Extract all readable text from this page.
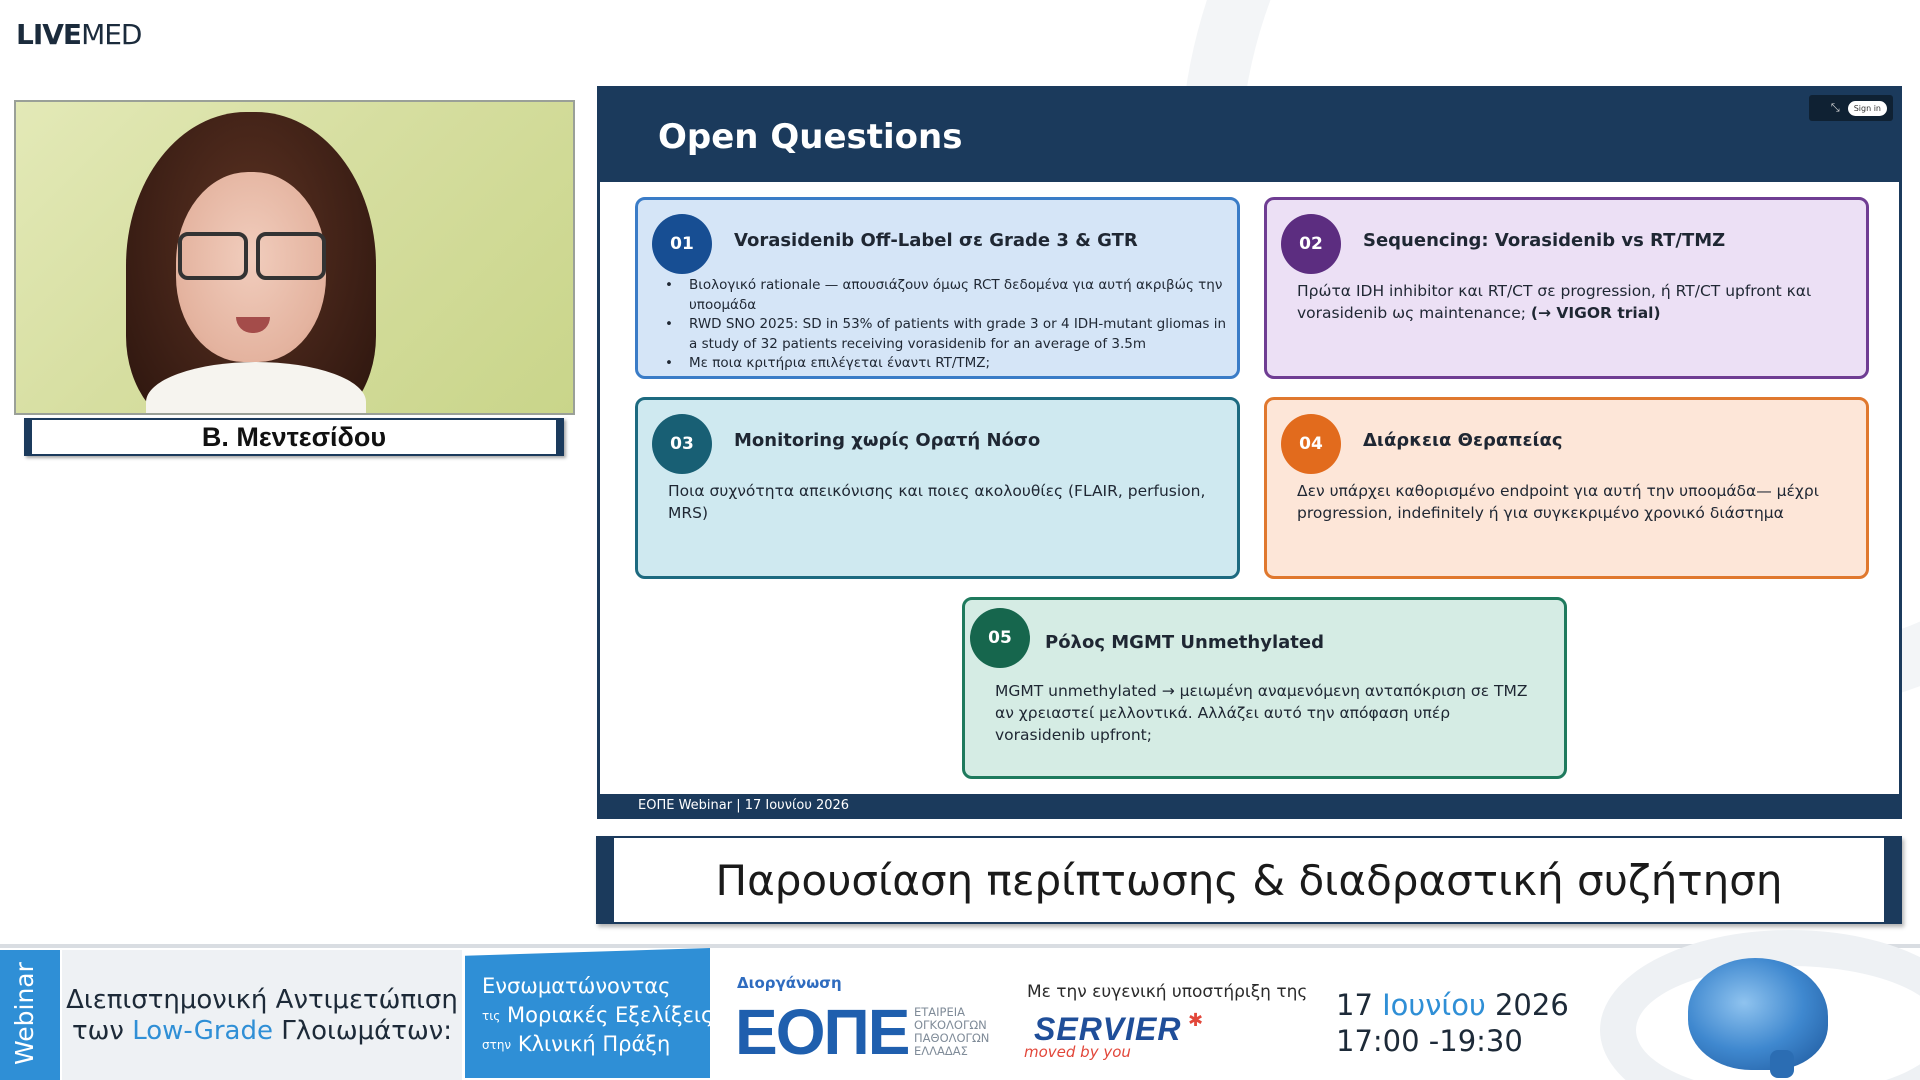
LIVEMED
Β. Μεντεσίδου
Open Questions
⤡	Sign in
01	Vorasidenib Off-Label σε Grade 3 & GTR
• Βιολογικό rationale — απουσιάζουν όμως RCT δεδομένα για αυτή ακριβώς την υποομάδα
• RWD SNO 2025: SD in 53% of patients with grade 3 or 4 IDH-mutant gliomas in a study of 32 patients receiving vorasidenib for an average of 3.5m
• Με ποια κριτήρια επιλέγεται έναντι RT/TMZ;
02	Sequencing: Vorasidenib vs RT/TMZ
Πρώτα IDH inhibitor και RT/CT σε progression, ή RT/CT upfront και vorasidenib ως maintenance; (→ VIGOR trial)
03	Monitoring χωρίς Ορατή Νόσο
Ποια συχνότητα απεικόνισης και ποιες ακολουθίες (FLAIR, perfusion, MRS)
04	Διάρκεια Θεραπείας
Δεν υπάρχει καθορισμένο endpoint για αυτή την υποομάδα— μέχρι progression, indefinitely ή για συγκεκριμένο χρονικό διάστημα
05	Ρόλος MGMT Unmethylated
MGMT unmethylated → μειωμένη αναμενόμενη ανταπόκριση σε TMZ αν χρειαστεί μελλοντικά. Αλλάζει αυτό την απόφαση υπέρ vorasidenib upfront;
ΕΟΠΕ Webinar | 17 Ιουνίου 2026
Παρουσίαση περίπτωσης & διαδραστική συζήτηση
Webinar Διεπιστημονική Αντιμετώπιση
των Low-Grade Γλοιωμάτων:
Ενσωματώνοντας
τις Μοριακές Εξελίξεις
στην Κλινική Πράξη
Διοργάνωση
ΕΟΠΕ ΕΤΑΙΡΕΙΑ
ΟΓΚΟΛΟΓΩΝ
ΠΑΘΟΛΟΓΩΝ
ΕΛΛΑΔΑΣ
Με την ευγενική υποστήριξη της
SERVIER ✱
moved by you
17 Ιουνίου 2026
17:00 -19:30
